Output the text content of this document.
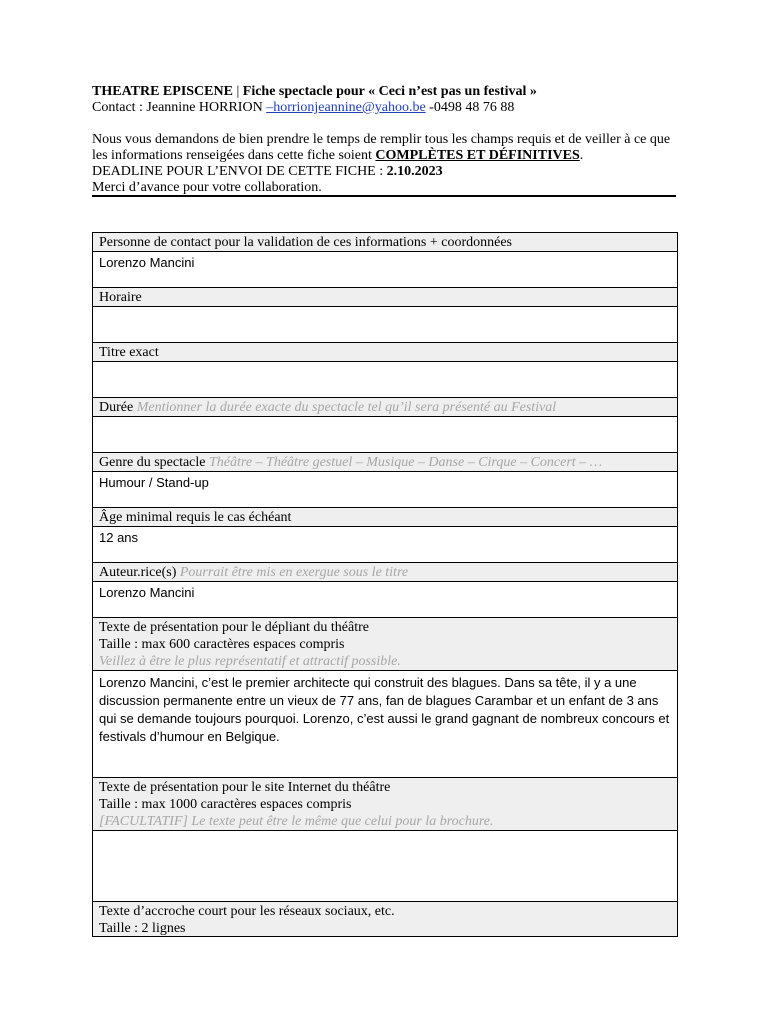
THEATRE EPISCENE | Fiche spectacle pour « Ceci n’est pas un festival »

Contact : Jeannine HORRION –horrionjeannine@yahoo.be -0498 48 76 88

Nous vous demandons de bien prendre le temps de remplir tous les champs requis et de veiller à ce que les informations renseigées dans cette fiche soient COMPLÈTES ET DÉFINITIVES.

DEADLINE POUR L’ENVOI DE CETTE FICHE : 2.10.2023

Merci d’avance pour votre collaboration.

Personne de contact pour la validation de ces informations + coordonnées
Lorenzo Mancini
Horaire
Titre exact
Durée Mentionner la durée exacte du spectacle tel qu’il sera présenté au Festival
Genre du spectacle Théâtre – Théâtre gestuel – Musique – Danse – Cirque – Concert – …
Humour / Stand-up
Âge minimal requis le cas échéant
12 ans
Auteur.rice(s) Pourrait être mis en exergue sous le titre
Lorenzo Mancini
Texte de présentation pour le dépliant du théâtre
Taille : max 600 caractères espaces compris
Veillez à être le plus représentatif et attractif possible.
Lorenzo Mancini, c’est le premier architecte qui construit des blagues. Dans sa tête, il y a une discussion permanente entre un vieux de 77 ans, fan de blagues Carambar et un enfant de 3 ans qui se demande toujours pourquoi. Lorenzo, c’est aussi le grand gagnant de nombreux concours et festivals d’humour en Belgique.
Texte de présentation pour le site Internet du théâtre
Taille : max 1000 caractères espaces compris
[FACULTATIF] Le texte peut être le même que celui pour la brochure.
Texte d’accroche court pour les réseaux sociaux, etc.
Taille : 2 lignes
